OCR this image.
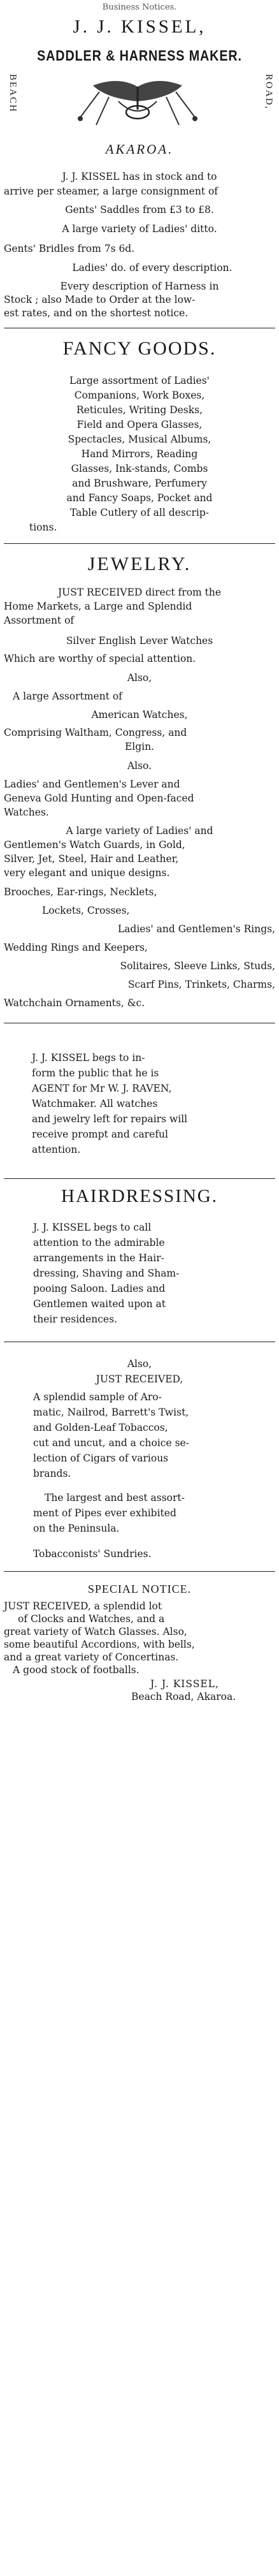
Business Notices.
J. J. KISSEL,
SADDLER & HARNESS MAKER.
BEACH	ROAD,
AKAROA.
J. J. KISSEL has in stock and to
arrive per steamer, a large consignment of
Gents' Saddles from £3 to £8.
A large variety of Ladies' ditto.
Gents' Bridles from 7s 6d.
Ladies' do. of every description.
Every description of Harness in
Stock ; also Made to Order at the low-
est rates, and on the shortest notice.
FANCY GOODS.
Large assortment of Ladies'
Companions, Work Boxes,
Reticules, Writing Desks,
Field and Opera Glasses,
Spectacles, Musical Albums,
Hand Mirrors, Reading
Glasses, Ink-stands, Combs
and Brushware, Perfumery
and Fancy Soaps, Pocket and
Table Cutlery of all descrip-
tions.
JEWELRY.
JUST RECEIVED direct from the
Home Markets, a Large and Splendid
Assortment of
Silver English Lever Watches
Which are worthy of special attention.
Also,
A large Assortment of
American Watches,
Comprising Waltham, Congress, and
Elgin.
Also.
Ladies' and Gentlemen's Lever and
Geneva Gold Hunting and Open-faced
Watches.
A large variety of Ladies' and
Gentlemen's Watch Guards, in Gold,
Silver, Jet, Steel, Hair and Leather,
very elegant and unique designs.
Brooches, Ear-rings, Necklets,
Lockets, Crosses,
Ladies' and Gentlemen's Rings,
Wedding Rings and Keepers,
Solitaires, Sleeve Links, Studs,
Scarf Pins, Trinkets, Charms,
Watchchain Ornaments, &c.
J. J. KISSEL begs to in-
form the public that he is
AGENT for Mr W. J. RAVEN,
Watchmaker. All watches
and jewelry left for repairs will
receive prompt and careful
attention.
HAIRDRESSING.
J. J. KISSEL begs to call
attention to the admirable
arrangements in the Hair-
dressing, Shaving and Sham-
pooing Saloon. Ladies and
Gentlemen waited upon at
their residences.
Also,
JUST RECEIVED,
A splendid sample of Aro-
matic, Nailrod, Barrett's Twist,
and Golden-Leaf Tobaccos,
cut and uncut, and a choice se-
lection of Cigars of various
brands.
The largest and best assort-
ment of Pipes ever exhibited
on the Peninsula.
Tobacconists' Sundries.
SPECIAL NOTICE.
JUST RECEIVED, a splendid lot
of Clocks and Watches, and a
great variety of Watch Glasses. Also,
some beautiful Accordions, with bells,
and a great variety of Concertinas.
A good stock of footballs.
J. J. KISSEL,
Beach Road, Akaroa.
